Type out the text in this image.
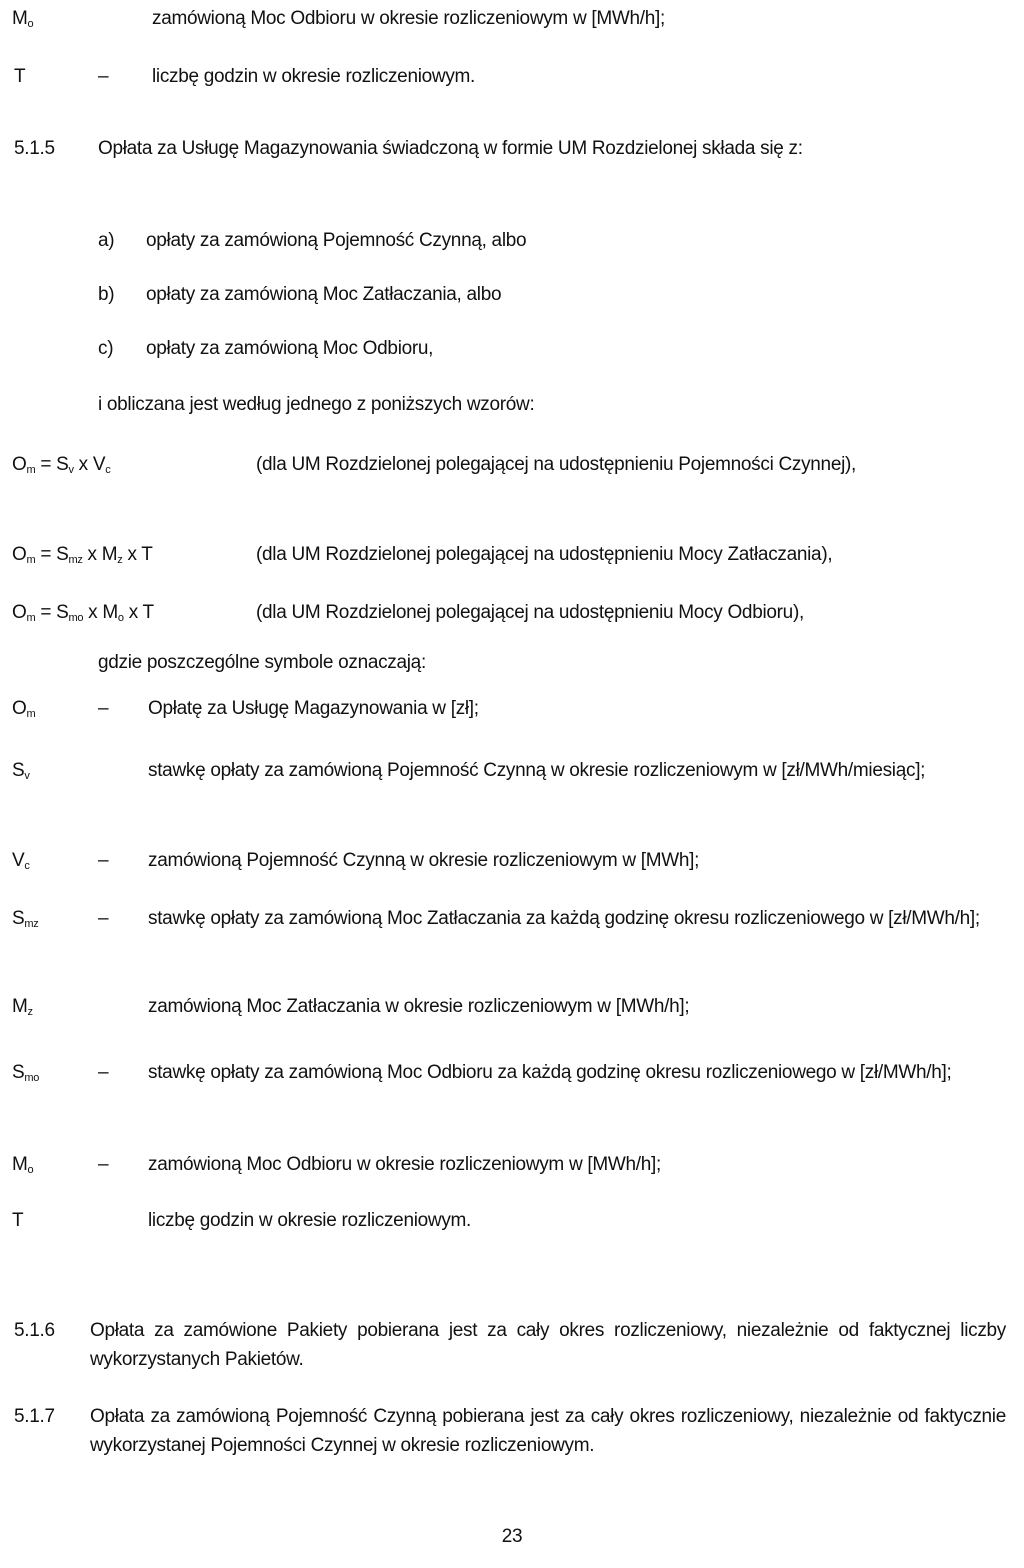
$M_o$	zamówioną Moc Odbioru w okresie rozliczeniowym w [MWh/h];
T	– liczbę godzin w okresie rozliczeniowym.
5.1.5 Opłata za Usługę Magazynowania świadczoną w formie UM Rozdzielonej składa się z:
a) opłaty za zamówioną Pojemność Czynną, albo
b) opłaty za zamówioną Moc Zatłaczania, albo
c) opłaty za zamówioną Moc Odbioru,
i obliczana jest według jednego z poniższych wzorów:
$O_m = S_v$ x $V_c$	(dla UM Rozdzielonej polegającej na udostępnieniu Pojemności Czynnej),
$O_m = S_{mz}$ x $M_z$ x T	(dla UM Rozdzielonej polegającej na udostępnieniu Mocy Zatłaczania),
$O_m = S_{mo}$ x $M_o$ x T	(dla UM Rozdzielonej polegającej na udostępnieniu Mocy Odbioru),
gdzie poszczególne symbole oznaczają:
$O_m$	– Opłatę za Usługę Magazynowania w [zł];
$S_v$	stawkę opłaty za zamówioną Pojemność Czynną w okresie rozliczeniowym w [zł/MWh/miesiąc];
$V_c$	– zamówioną Pojemność Czynną w okresie rozliczeniowym w [MWh];
$S_{mz}$	– stawkę opłaty za zamówioną Moc Zatłaczania za każdą godzinę okresu rozliczeniowego w [zł/MWh/h];
$M_z$	zamówioną Moc Zatłaczania w okresie rozliczeniowym w [MWh/h];
$S_{mo}$	– stawkę opłaty za zamówioną Moc Odbioru za każdą godzinę okresu rozliczeniowego w [zł/MWh/h];
$M_o$	– zamówioną Moc Odbioru w okresie rozliczeniowym w [MWh/h];
T	liczbę godzin w okresie rozliczeniowym.
5.1.6 Opłata za zamówione Pakiety pobierana jest za cały okres rozliczeniowy, niezależnie od faktycznej liczby wykorzystanych Pakietów.
5.1.7 Opłata za zamówioną Pojemność Czynną pobierana jest za cały okres rozliczeniowy, niezależnie od faktycznie wykorzystanej Pojemności Czynnej w okresie rozliczeniowym.
23
